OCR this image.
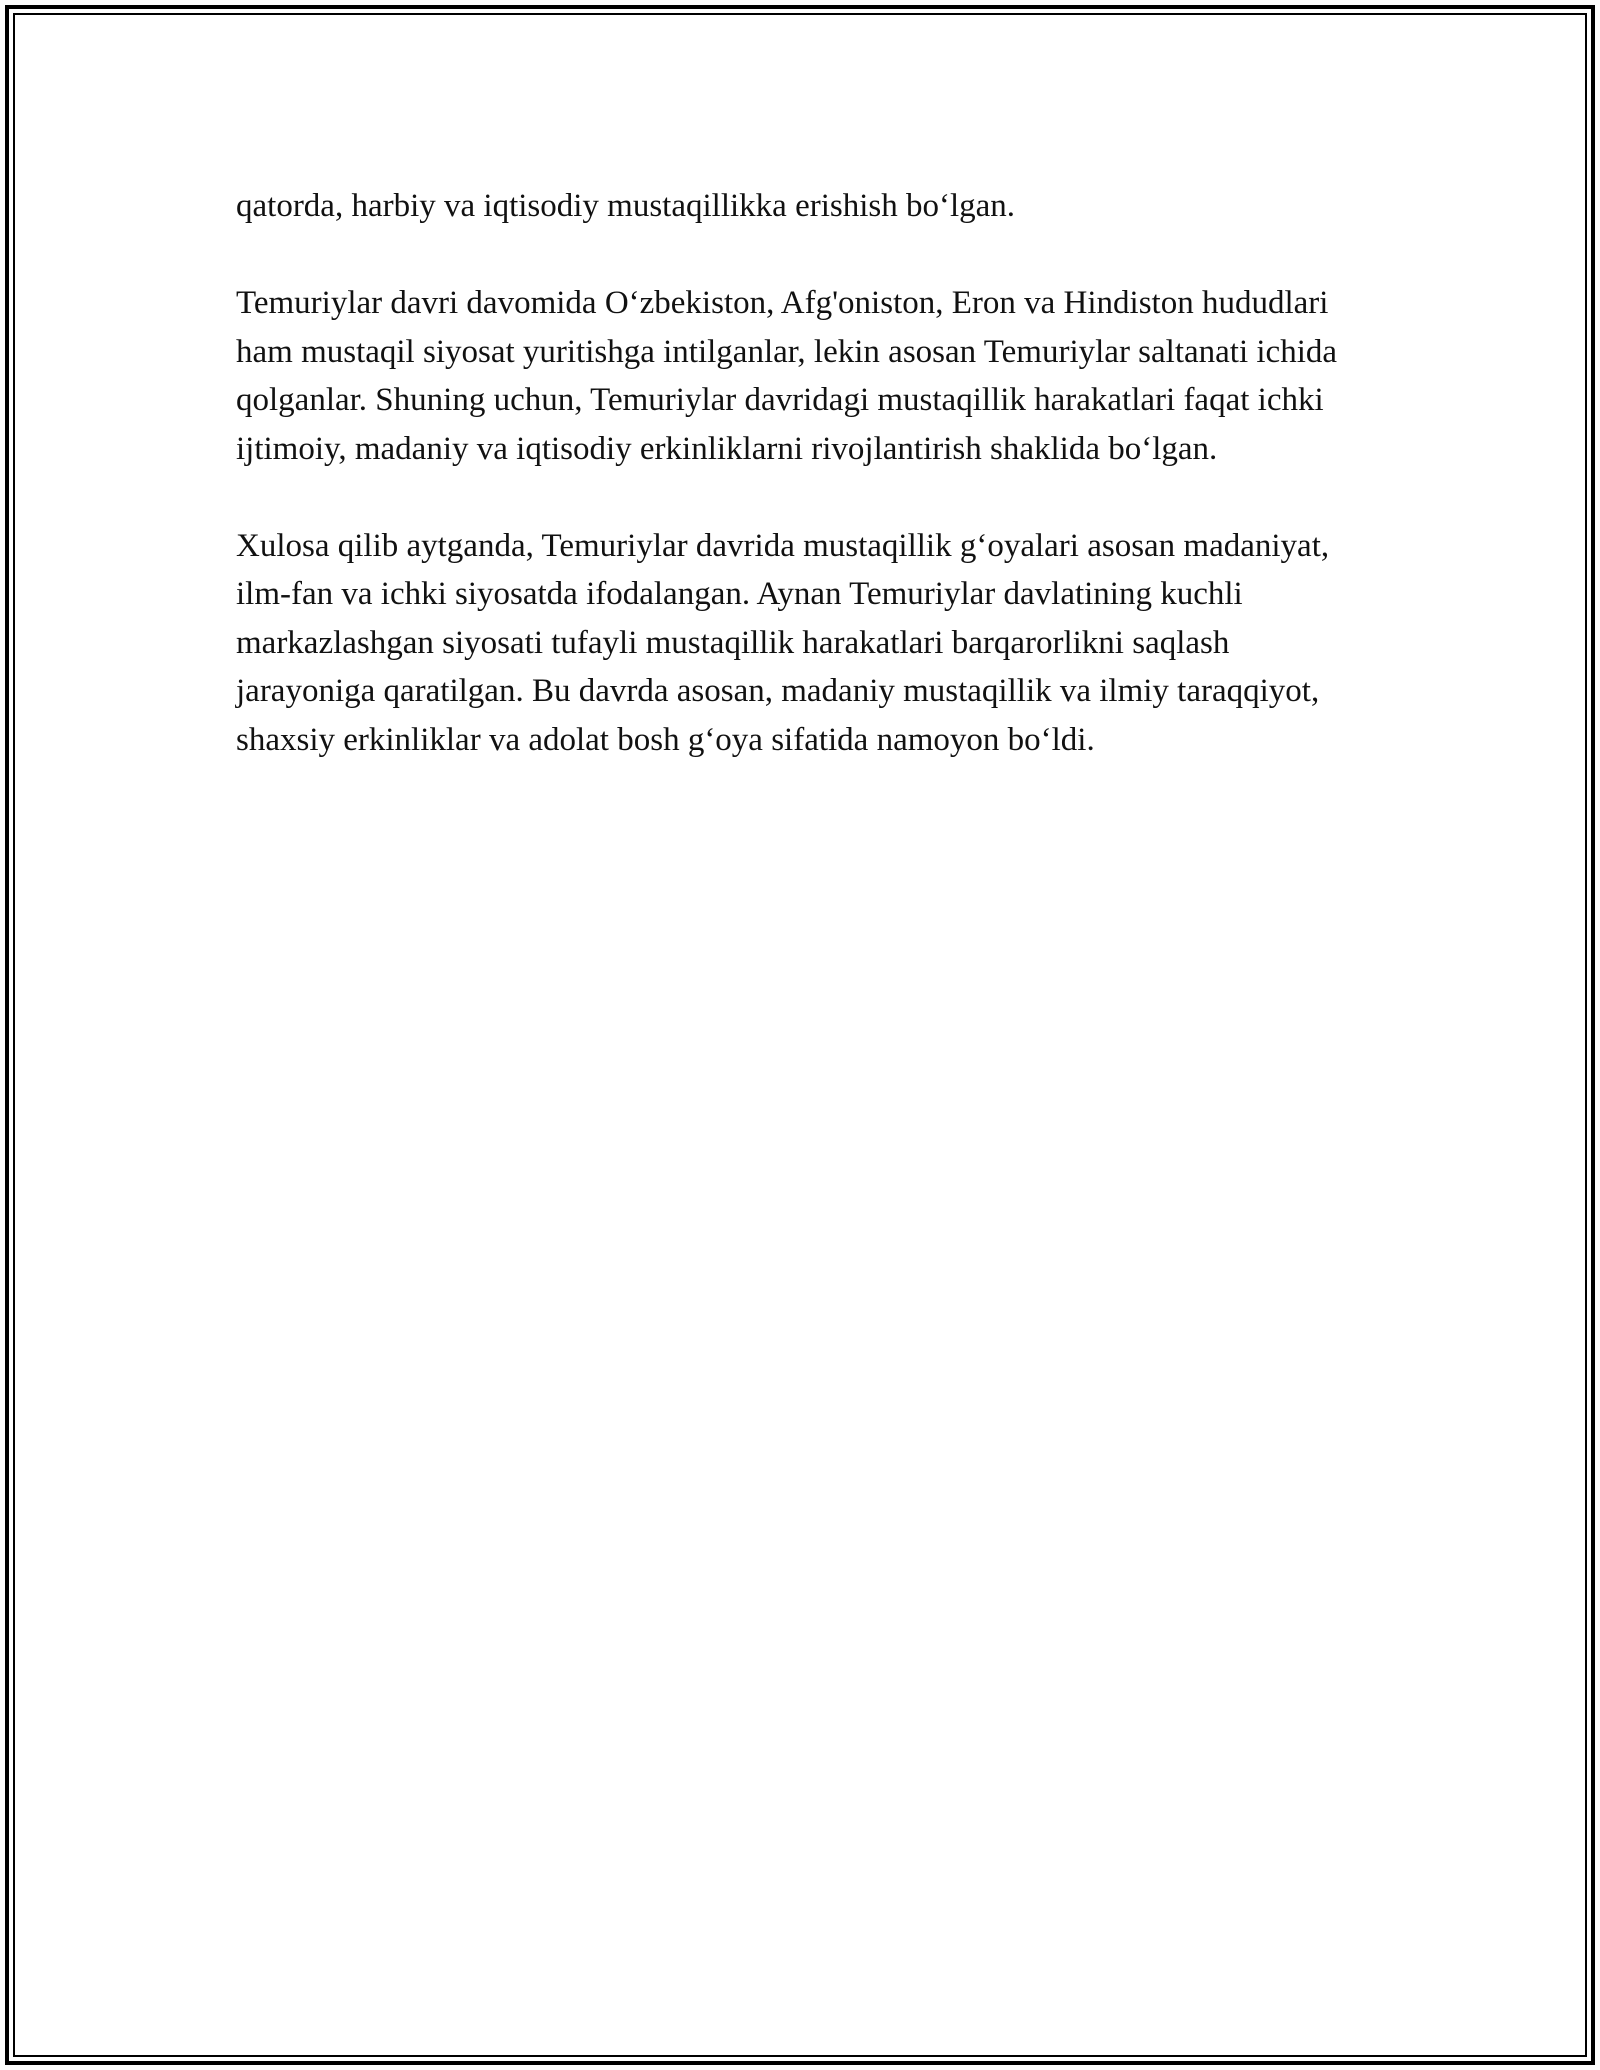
qatorda, harbiy va iqtisodiy mustaqillikka erishish bo‘lgan.

Temuriylar davri davomida O‘zbekiston, Afg'oniston, Eron va Hindiston hududlari ham mustaqil siyosat yuritishga intilganlar, lekin asosan Temuriylar saltanati ichida qolganlar. Shuning uchun, Temuriylar davridagi mustaqillik harakatlari faqat ichki ijtimoiy, madaniy va iqtisodiy erkinliklarni rivojlantirish shaklida bo‘lgan.

Xulosa qilib aytganda, Temuriylar davrida mustaqillik g‘oyalari asosan madaniyat, ilm-fan va ichki siyosatda ifodalangan. Aynan Temuriylar davlatining kuchli markazlashgan siyosati tufayli mustaqillik harakatlari barqarorlikni saqlash jarayoniga qaratilgan. Bu davrda asosan, madaniy mustaqillik va ilmiy taraqqiyot, shaxsiy erkinliklar va adolat bosh g‘oya sifatida namoyon bo‘ldi.
